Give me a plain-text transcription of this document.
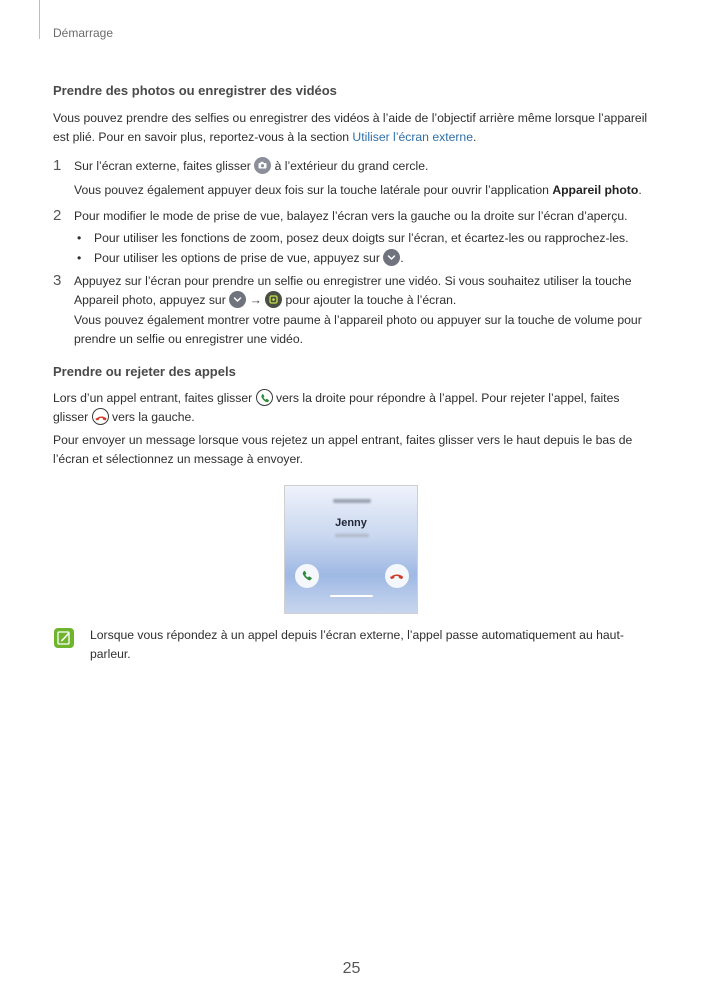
Démarrage
Prendre des photos ou enregistrer des vidéos
Vous pouvez prendre des selfies ou enregistrer des vidéos à l’aide de l’objectif arrière même lorsque l’appareil est plié. Pour en savoir plus, reportez-vous à la section Utiliser l’écran externe.
1 Sur l’écran externe, faites glisser à l’extérieur du grand cercle.
Vous pouvez également appuyer deux fois sur la touche latérale pour ouvrir l’application Appareil photo.
2 Pour modifier le mode de prise de vue, balayez l’écran vers la gauche ou la droite sur l’écran d’aperçu.
• Pour utiliser les fonctions de zoom, posez deux doigts sur l’écran, et écartez-les ou rapprochez-les.
• Pour utiliser les options de prise de vue, appuyez sur .
3 Appuyez sur l’écran pour prendre un selfie ou enregistrer une vidéo. Si vous souhaitez utiliser la touche
Appareil photo, appuyez sur → pour ajouter la touche à l’écran.
Vous pouvez également montrer votre paume à l’appareil photo ou appuyer sur la touche de volume pour prendre un selfie ou enregistrer une vidéo.
Prendre ou rejeter des appels
Lors d’un appel entrant, faites glisser vers la droite pour répondre à l’appel. Pour rejeter l’appel, faites
glisser vers la gauche.
Pour envoyer un message lorsque vous rejetez un appel entrant, faites glisser vers le haut depuis le bas de l’écran et sélectionnez un message à envoyer.
Jenny
Lorsque vous répondez à un appel depuis l’écran externe, l’appel passe automatiquement au haut-parleur.
25
